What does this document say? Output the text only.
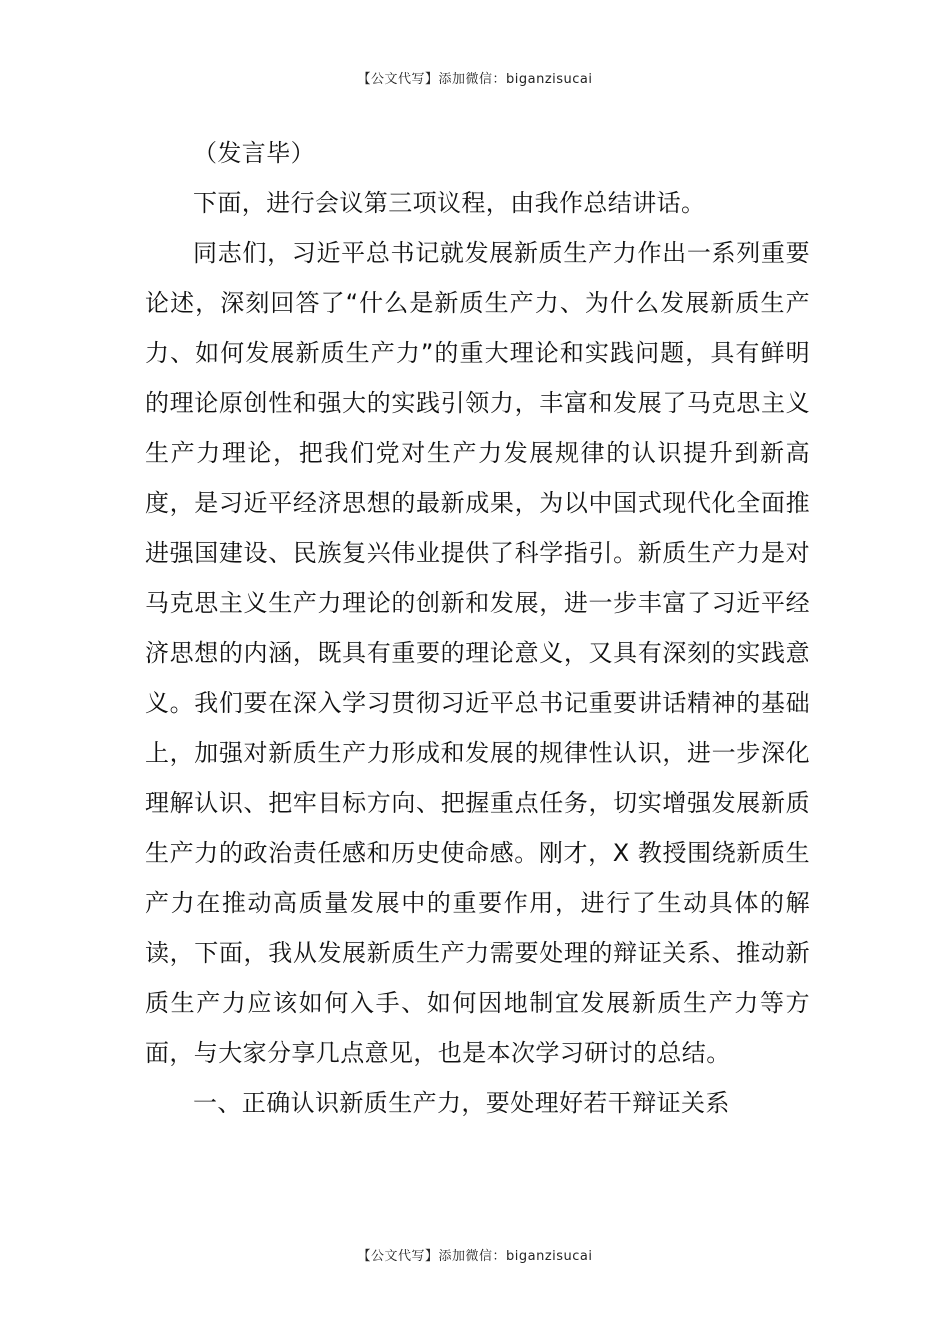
【公文代写】添加微信：biganzisucai

（发言毕）

下面，进行会议第三项议程，由我作总结讲话。

同志们，习近平总书记就发展新质生产力作出一系列重要论述，深刻回答了“什么是新质生产力、为什么发展新质生产力、如何发展新质生产力”的重大理论和实践问题，具有鲜明的理论原创性和强大的实践引领力，丰富和发展了马克思主义生产力理论，把我们党对生产力发展规律的认识提升到新高度，是习近平经济思想的最新成果，为以中国式现代化全面推进强国建设、民族复兴伟业提供了科学指引。新质生产力是对马克思主义生产力理论的创新和发展，进一步丰富了习近平经济思想的内涵，既具有重要的理论意义，又具有深刻的实践意义。我们要在深入学习贯彻习近平总书记重要讲话精神的基础上，加强对新质生产力形成和发展的规律性认识，进一步深化理解认识、把牢目标方向、把握重点任务，切实增强发展新质生产力的政治责任感和历史使命感。刚才，X 教授围绕新质生产力在推动高质量发展中的重要作用，进行了生动具体的解读，下面，我从发展新质生产力需要处理的辩证关系、推动新质生产力应该如何入手、如何因地制宜发展新质生产力等方面，与大家分享几点意见，也是本次学习研讨的总结。

一、正确认识新质生产力，要处理好若干辩证关系

【公文代写】添加微信：biganzisucai
